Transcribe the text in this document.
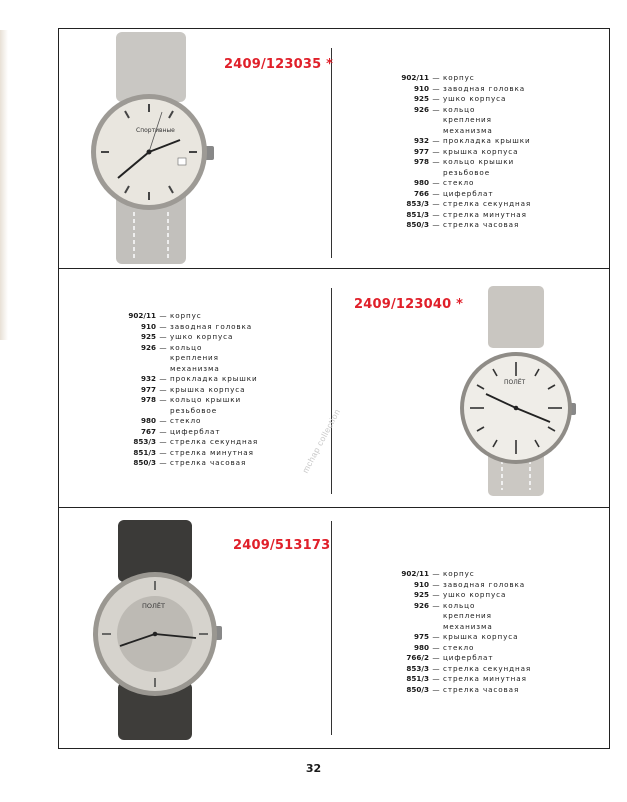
Спортивные
2409/123035 *
902/11 — корпус
910 — заводная головка
925 — ушко корпуса
926 — кольцо крепления механизма
932 — прокладка крышки
977 — крышка корпуса
978 — кольцо крышки резьбовое
980 — стекло
766 — циферблат
853/3 — стрелка секундная
851/3 — стрелка минутная
850/3 — стрелка часовая
902/11 — корпус
910 — заводная головка
925 — ушко корпуса
926 — кольцо крепления механизма
932 — прокладка крышки
977 — крышка корпуса
978 — кольцо крышки резьбовое
980 — стекло
767 — циферблат
853/3 — стрелка секундная
851/3 — стрелка минутная
850/3 — стрелка часовая
2409/123040 *
ПОЛЁТ
ПОЛЁТ
2409/513173
902/11 — корпус
910 — заводная головка
925 — ушко корпуса
926 — кольцо крепления механизма
975 — крышка корпуса
980 — стекло
766/2 — циферблат
853/3 — стрелка секундная
851/3 — стрелка минутная
850/3 — стрелка часовая
mchap collection
32
